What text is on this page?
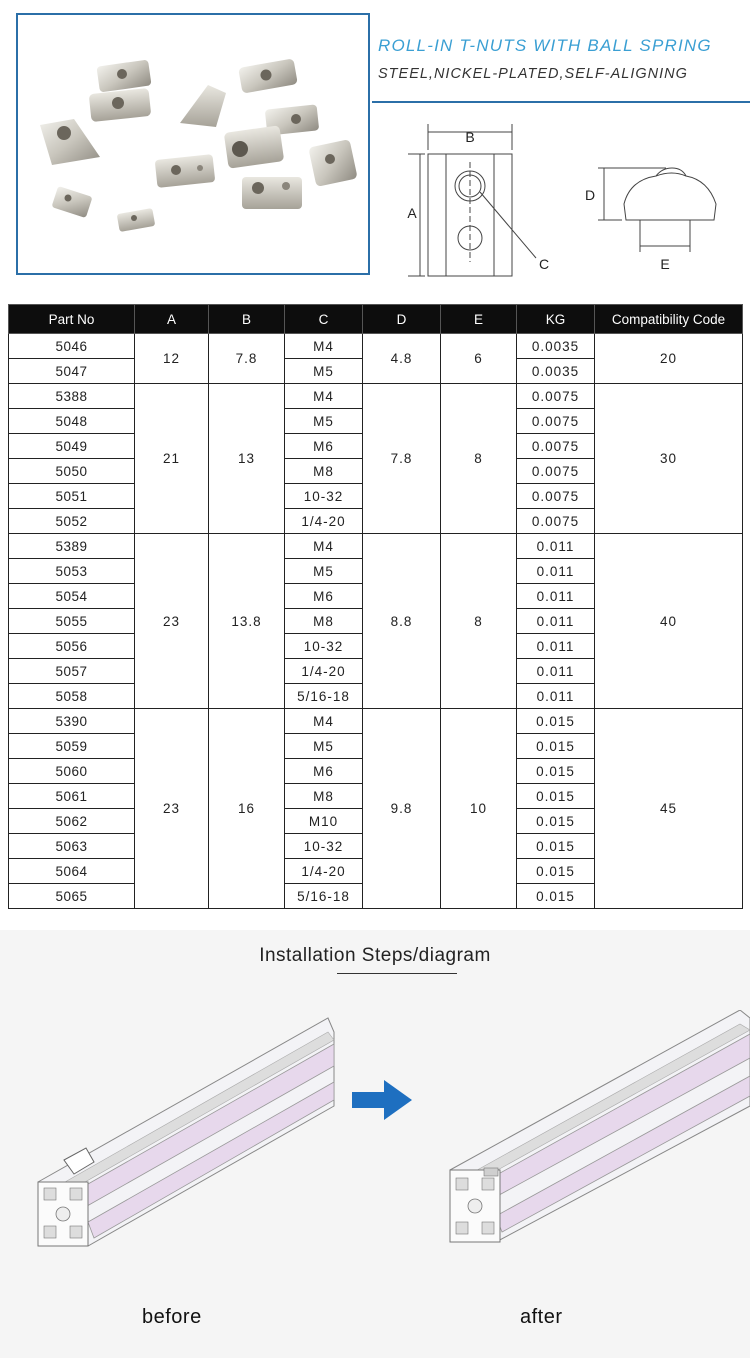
ROLL-IN T-NUTS WITH BALL SPRING
STEEL,NICKEL-PLATED,SELF-ALIGNING
B
A
C
D
E
Part No	A	B	C	D	E	KG	Compatibility Code
5046	12	7.8	M4	4.8	6	0.0035	20
5047			M5			0.0035	
5388	21	13	M4	7.8	8	0.0075	30
5048			M5			0.0075	
5049			M6			0.0075	
5050			M8			0.0075	
5051			10-32			0.0075	
5052			1/4-20			0.0075	
5389	23	13.8	M4	8.8	8	0.011	40
5053			M5			0.011	
5054			M6			0.011	
5055			M8			0.011	
5056			10-32			0.011	
5057			1/4-20			0.011	
5058			5/16-18			0.011	
5390	23	16	M4	9.8	10	0.015	45
5059			M5			0.015	
5060			M6			0.015	
5061			M8			0.015	
5062			M10			0.015	
5063			10-32			0.015	
5064			1/4-20			0.015	
5065			5/16-18			0.015	
Installation Steps/diagram
before	after
